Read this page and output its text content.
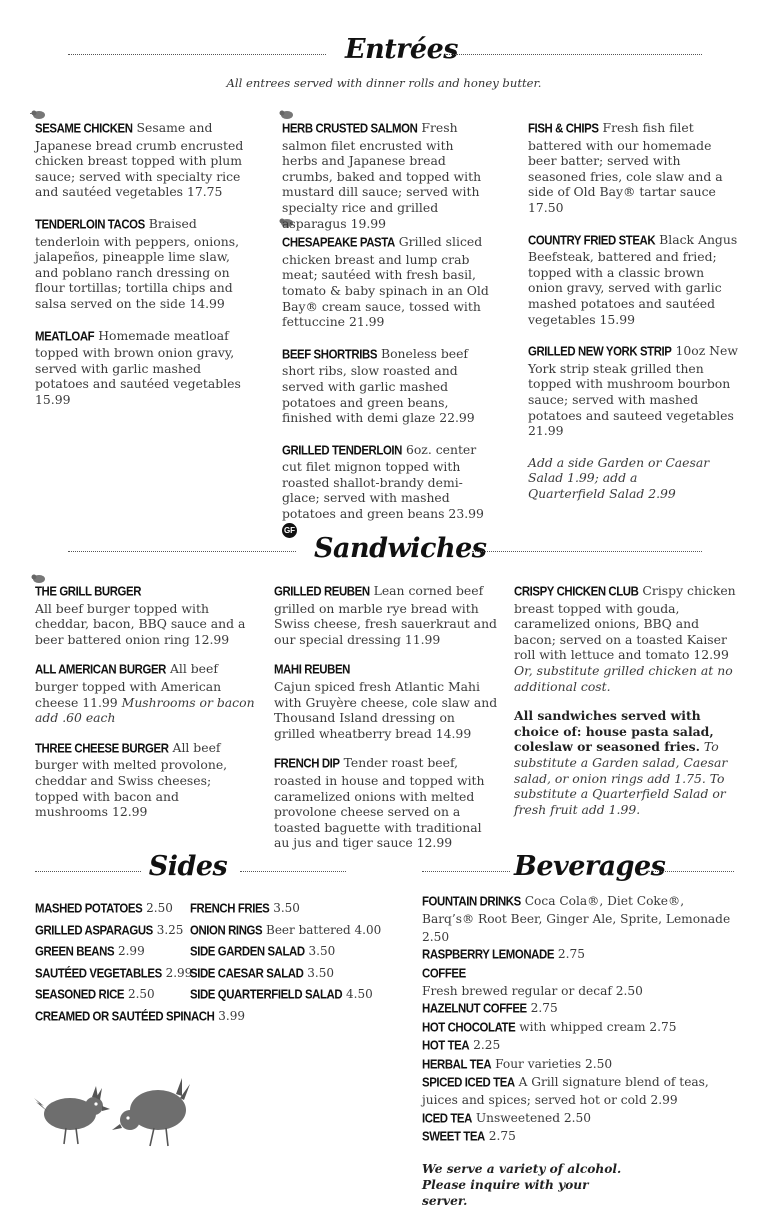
Entrées
All entrees served with dinner rolls and honey butter.
SESAME CHICKEN Sesame and Japanese bread crumb encrusted chicken breast topped with plum sauce; served with specialty rice and sautéed vegetables 17.75
TENDERLOIN TACOS Braised tenderloin with peppers, onions, jalapeños, pineapple lime slaw, and poblano ranch dressing on flour tortillas; tortilla chips and salsa served on the side 14.99
MEATLOAF Homemade meatloaf topped with brown onion gravy, served with garlic mashed potatoes and sautéed vegetables 15.99
HERB CRUSTED SALMON Fresh salmon filet encrusted with herbs and Japanese bread crumbs, baked and topped with mustard dill sauce; served with specialty rice and grilled asparagus 19.99
CHESAPEAKE PASTA Grilled sliced chicken breast and lump crab meat; sautéed with fresh basil, tomato & baby spinach in an Old Bay® cream sauce, tossed with fettuccine 21.99
BEEF SHORTRIBS Boneless beef short ribs, slow roasted and served with garlic mashed potatoes and green beans, finished with demi glaze 22.99
GRILLED TENDERLOIN 6oz. center cut filet mignon topped with roasted shallot-brandy demi-glace; served with mashed potatoes and green beans 23.99 GF
FISH & CHIPS Fresh fish filet battered with our homemade beer batter; served with seasoned fries, cole slaw and a side of Old Bay® tartar sauce 17.50
COUNTRY FRIED STEAK Black Angus Beefsteak, battered and fried; topped with a classic brown onion gravy, served with garlic mashed potatoes and sautéed vegetables 15.99
GRILLED NEW YORK STRIP 10oz New York strip steak grilled then topped with mushroom bourbon sauce; served with mashed potatoes and sauteed vegetables 21.99
Add a side Garden or Caesar Salad 1.99; add a Quarterfield Salad 2.99
Sandwiches
THE GRILL BURGER
All beef burger topped with cheddar, bacon, BBQ sauce and a beer battered onion ring 12.99
ALL AMERICAN BURGER All beef burger topped with American cheese 11.99 Mushrooms or bacon add .60 each
THREE CHEESE BURGER All beef burger with melted provolone, cheddar and Swiss cheeses; topped with bacon and mushrooms 12.99
GRILLED REUBEN Lean corned beef grilled on marble rye bread with Swiss cheese, fresh sauerkraut and our special dressing 11.99
MAHI REUBEN
Cajun spiced fresh Atlantic Mahi with Gruyère cheese, cole slaw and Thousand Island dressing on grilled wheatberry bread 14.99
FRENCH DIP Tender roast beef, roasted in house and topped with caramelized onions with melted provolone cheese served on a toasted baguette with traditional au jus and tiger sauce 12.99
CRISPY CHICKEN CLUB Crispy chicken breast topped with gouda, caramelized onions, BBQ and bacon; served on a toasted Kaiser roll with lettuce and tomato 12.99 Or, substitute grilled chicken at no additional cost.
All sandwiches served with choice of: house pasta salad, coleslaw or seasoned fries. To substitute a Garden salad, Caesar salad, or onion rings add 1.75. To substitute a Quarterfield Salad or fresh fruit add 1.99.
Sides
MASHED POTATOES 2.50
GRILLED ASPARAGUS 3.25
GREEN BEANS 2.99
SAUTÉED VEGETABLES 2.99
SEASONED RICE 2.50
CREAMED OR SAUTÉED SPINACH 3.99
FRENCH FRIES 3.50
ONION RINGS Beer battered 4.00
SIDE GARDEN SALAD 3.50
SIDE CAESAR SALAD 3.50
SIDE QUARTERFIELD SALAD 4.50
Beverages
FOUNTAIN DRINKS Coca Cola®, Diet Coke®, Barq’s® Root Beer, Ginger Ale, Sprite, Lemonade 2.50
RASPBERRY LEMONADE 2.75
COFFEE
Fresh brewed regular or decaf 2.50
HAZELNUT COFFEE 2.75
HOT CHOCOLATE with whipped cream 2.75
HOT TEA 2.25
HERBAL TEA Four varieties 2.50
SPICED ICED TEA A Grill signature blend of teas, juices and spices; served hot or cold 2.99
ICED TEA Unsweetened 2.50
SWEET TEA 2.75
We serve a variety of alcohol. Please inquire with your server.
